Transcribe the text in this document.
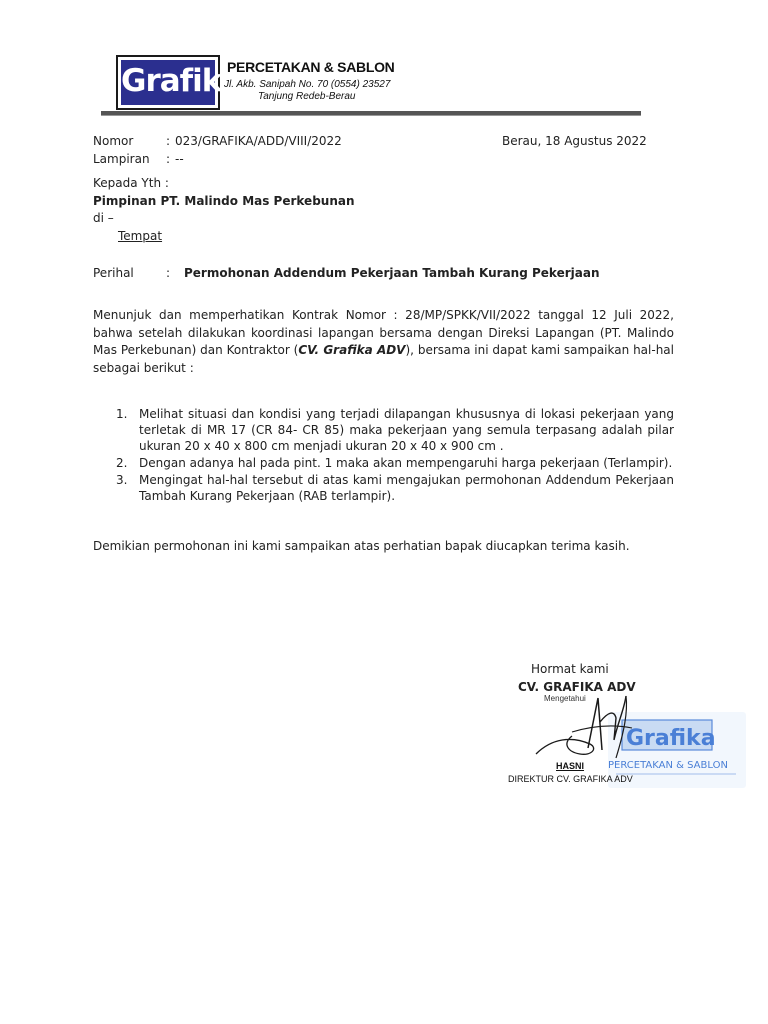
Grafika
PERCETAKAN & SABLON
Jl. Akb. Sanipah No. 70 (0554) 23527
Tanjung Redeb-Berau
Nomor	: 023/GRAFIKA/ADD/VIII/2022	Berau, 18 Agustus 2022
Lampiran : --
Kepada Yth :
Pimpinan PT. Malindo Mas Perkebunan
di –
Tempat
Perihal	: Permohonan Addendum Pekerjaan Tambah Kurang Pekerjaan
Menunjuk dan memperhatikan Kontrak Nomor : 28/MP/SPKK/VII/2022 tanggal 12 Juli 2022, bahwa setelah dilakukan koordinasi lapangan bersama dengan Direksi Lapangan (PT. Malindo Mas Perkebunan) dan Kontraktor (CV. Grafika ADV), bersama ini dapat kami sampaikan hal-hal sebagai berikut :
1. Melihat situasi dan kondisi yang terjadi dilapangan khususnya di lokasi pekerjaan yang terletak di MR 17 (CR 84- CR 85) maka pekerjaan yang semula terpasang adalah pilar ukuran 20 x 40 x 800 cm menjadi ukuran 20 x 40 x 900 cm .
2. Dengan adanya hal pada pint. 1 maka akan mempengaruhi harga pekerjaan (Terlampir).
3. Mengingat hal-hal tersebut di atas kami mengajukan permohonan Addendum Pekerjaan Tambah Kurang Pekerjaan (RAB terlampir).
Demikian permohonan ini kami sampaikan atas perhatian bapak diucapkan terima kasih.
Hormat kami
CV. GRAFIKA ADV
Grafika
PERCETAKAN & SABLON
Mengetahui
HASNI
DIREKTUR CV. GRAFIKA ADV
